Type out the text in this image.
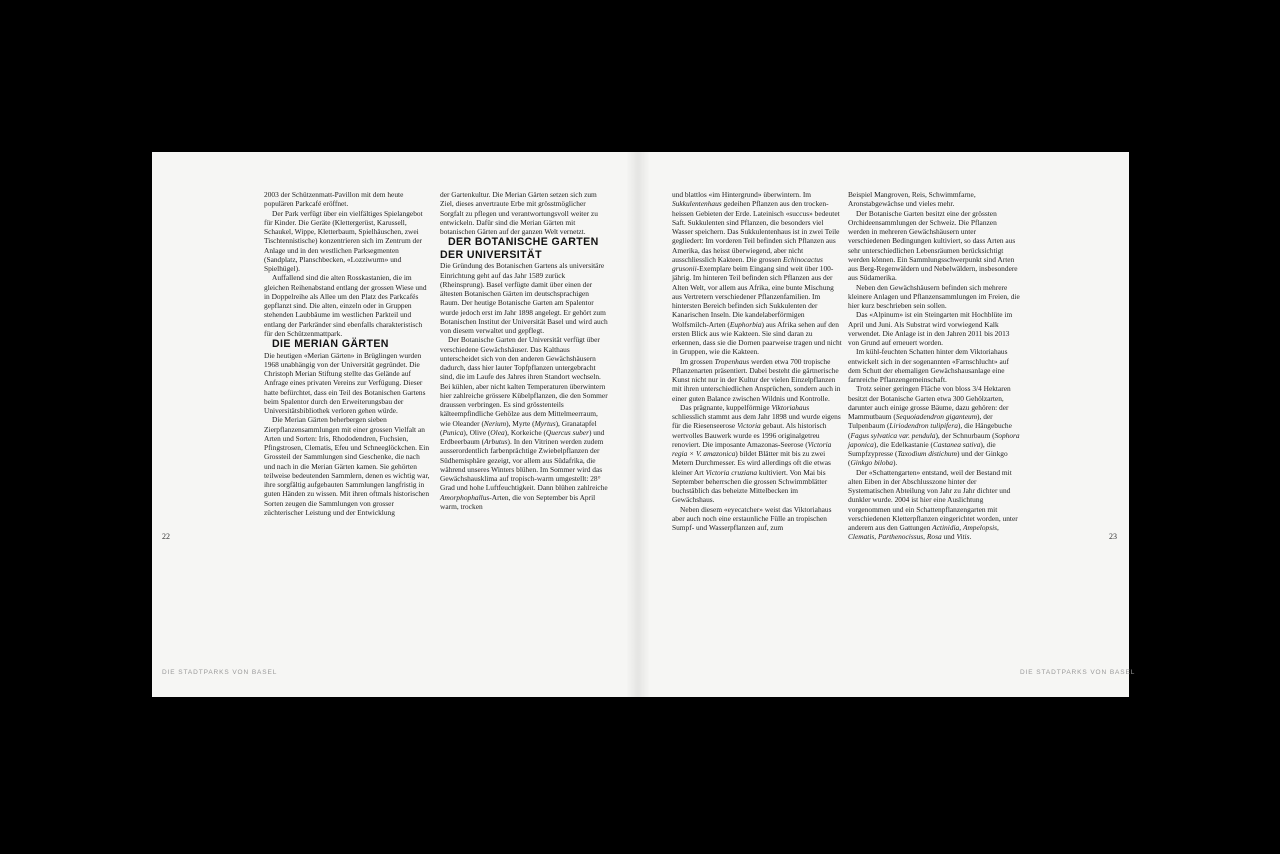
2003 der Schützenmatt-Pavillon mit dem heute populären Parkcafé eröffnet.

Der Park verfügt über ein vielfältiges Spielangebot für Kinder. Die Geräte (Klettergerüst, Karussell, Schaukel, Wippe, Kletterbaum, Spielhäuschen, zwei Tischtennistische) konzentrieren sich im Zentrum der Anlage und in den westlichen Parksegmenten (Sandplatz, Planschbecken, «Lozziwurm» und Spielhügel).

Auffallend sind die alten Rosskastanien, die im gleichen Reihenabstand entlang der grossen Wiese und in Doppelreihe als Allee um den Platz des Parkcafés gepflanzt sind. Die alten, einzeln oder in Gruppen stehenden Laubbäume im westlichen Parkteil und entlang der Parkränder sind ebenfalls charakteristisch für den Schützenmattpark.

DIE MERIAN GÄRTEN

Die heutigen «Merian Gärten» in Brüglingen wurden 1968 unabhängig von der Universität gegründet. Die Christoph Merian Stiftung stellte das Gelände auf Anfrage eines privaten Vereins zur Verfügung. Dieser hatte befürchtet, dass ein Teil des Botanischen Gartens beim Spalentor durch den Erweiterungsbau der Universitätsbibliothek verloren gehen würde.

Die Merian Gärten beherbergen sieben Zierpflanzensammlungen mit einer grossen Vielfalt an Arten und Sorten: Iris, Rhododendren, Fuchsien, Pfingstrosen, Clematis, Efeu und Schneeglöckchen. Ein Grossteil der Sammlungen sind Geschenke, die nach und nach in die Merian Gärten kamen. Sie gehörten teilweise bedeutenden Sammlern, denen es wichtig war, ihre sorgfältig aufgebauten Sammlungen langfristig in guten Händen zu wissen. Mit ihren oftmals historischen Sorten zeugen die Sammlungen von grosser züchterischer Leistung und der Entwicklung

der Gartenkultur. Die Merian Gärten setzen sich zum Ziel, dieses anvertraute Erbe mit grösstmöglicher Sorgfalt zu pflegen und verantwortungsvoll weiter zu entwickeln. Dafür sind die Merian Gärten mit botanischen Gärten auf der ganzen Welt vernetzt.

DER BOTANISCHE GARTEN
DER UNIVERSITÄT

Die Gründung des Botanischen Gartens als universitäre Einrichtung geht auf das Jahr 1589 zurück (Rheinsprung). Basel verfügte damit über einen der ältesten Botanischen Gärten im deutschsprachigen Raum. Der heutige Botanische Garten am Spalentor wurde jedoch erst im Jahr 1898 angelegt. Er gehört zum Botanischen Institut der Universität Basel und wird auch von diesem verwaltet und gepflegt.

Der Botanische Garten der Universität verfügt über verschiedene Gewächshäuser. Das Kalthaus unterscheidet sich von den anderen Gewächshäusern dadurch, dass hier lauter Topfpflanzen untergebracht sind, die im Laufe des Jahres ihren Standort wechseln. Bei kühlen, aber nicht kalten Temperaturen überwintern hier zahlreiche grössere Kübelpflanzen, die den Sommer draussen verbringen. Es sind grösstenteils kälteempfindliche Gehölze aus dem Mittelmeerraum, wie Oleander (Nerium), Myrte (Myrtus), Granatapfel (Punica), Olive (Olea), Korkeiche (Quercus suber) und Erdbeerbaum (Arbutus). In den Vitrinen werden zudem ausserordentlich farbenprächtige Zwiebelpflanzen der Südhemisphäre gezeigt, vor allem aus Südafrika, die während unseres Winters blühen. Im Sommer wird das Gewächshausklima auf tropisch-warm umgestellt: 28° Grad und hohe Luftfeuchtigkeit. Dann blühen zahlreiche Amorphophallus-Arten, die von September bis April warm, trocken

und blattlos «im Hintergrund» überwintern. Im Sukkulentenhaus gedeihen Pflanzen aus den trocken-heissen Gebieten der Erde. Lateinisch «succus» bedeutet Saft. Sukkulenten sind Pflanzen, die besonders viel Wasser speichern. Das Sukkulentenhaus ist in zwei Teile gegliedert: Im vorderen Teil befinden sich Pflanzen aus Amerika, das heisst überwiegend, aber nicht ausschliesslich Kakteen. Die grossen Echinocactus grusonii-Exemplare beim Eingang sind weit über 100-jährig. Im hinteren Teil befinden sich Pflanzen aus der Alten Welt, vor allem aus Afrika, eine bunte Mischung aus Vertretern verschiedener Pflanzenfamilien. Im hintersten Bereich befinden sich Sukkulenten der Kanarischen Inseln. Die kandelaberförmigen Wolfsmilch-Arten (Euphorbia) aus Afrika sehen auf den ersten Blick aus wie Kakteen. Sie sind daran zu erkennen, dass sie die Dornen paarweise tragen und nicht in Gruppen, wie die Kakteen.

Im grossen Tropenhaus werden etwa 700 tropische Pflanzenarten präsentiert. Dabei besteht die gärtnerische Kunst nicht nur in der Kultur der vielen Einzelpflanzen mit ihren unterschiedlichen Ansprüchen, sondern auch in einer guten Balance zwischen Wildnis und Kontrolle.

Das prägnante, kuppelförmige Viktoriahaus schliesslich stammt aus dem Jahr 1898 und wurde eigens für die Riesenseerose Victoria gebaut. Als historisch wertvolles Bauwerk wurde es 1996 originalgetreu renoviert. Die imposante Amazonas-Seerose (Victoria regia × V. amazonica) bildet Blätter mit bis zu zwei Metern Durchmesser. Es wird allerdings oft die etwas kleiner Art Victoria cruziana kultiviert. Von Mai bis September beherrschen die grossen Schwimmblätter buchstäblich das beheizte Mittelbecken im Gewächshaus.

Neben diesem «eyecatcher» weist das Viktoriahaus aber auch noch eine erstaunliche Fülle an tropischen Sumpf- und Wasserpflanzen auf, zum

Beispiel Mangroven, Reis, Schwimmfarne, Aronstabgewächse und vieles mehr.

Der Botanische Garten besitzt eine der grössten Orchideensammlungen der Schweiz. Die Pflanzen werden in mehreren Gewächshäusern unter verschiedenen Bedingungen kultiviert, so dass Arten aus sehr unterschiedlichen Lebensräumen berücksichtigt werden können. Ein Sammlungsschwerpunkt sind Arten aus Berg-Regenwäldern und Nebelwäldern, insbesondere aus Südamerika.

Neben den Gewächshäusern befinden sich mehrere kleinere Anlagen und Pflanzensammlungen im Freien, die hier kurz beschrieben sein sollen.

Das «Alpinum» ist ein Steingarten mit Hochblüte im April und Juni. Als Substrat wird vorwiegend Kalk verwendet. Die Anlage ist in den Jahren 2011 bis 2013 von Grund auf erneuert worden.

Im kühl-feuchten Schatten hinter dem Viktoriahaus entwickelt sich in der sogenannten «Farnschlucht» auf dem Schutt der ehemaligen Gewächshausanlage eine farnreiche Pflanzengemeinschaft.

Trotz seiner geringen Fläche von bloss 3/4 Hektaren besitzt der Botanische Garten etwa 300 Gehölzarten, darunter auch einige grosse Bäume, dazu gehören: der Mammutbaum (Sequoiadendron giganteum), der Tulpenbaum (Liriodendron tulipifera), die Hängebuche (Fagus sylvatica var. pendula), der Schnurbaum (Sophora japonica), die Edelkastanie (Castanea sativa), die Sumpfzypresse (Taxodium distichum) und der Ginkgo (Ginkgo biloba).

Der «Schattengarten» entstand, weil der Bestand mit alten Eiben in der Abschlusszone hinter der Systematischen Abteilung von Jahr zu Jahr dichter und dunkler wurde. 2004 ist hier eine Auslichtung vorgenommen und ein Schattenpflanzengarten mit verschiedenen Kletterpflanzen eingerichtet worden, unter anderem aus den Gattungen Actinidia, Ampelopsis, Clematis, Parthenocissus, Rosa und Vitis.

22	23
DIE STADTPARKS VON BASEL	DIE STADTPARKS VON BASEL
